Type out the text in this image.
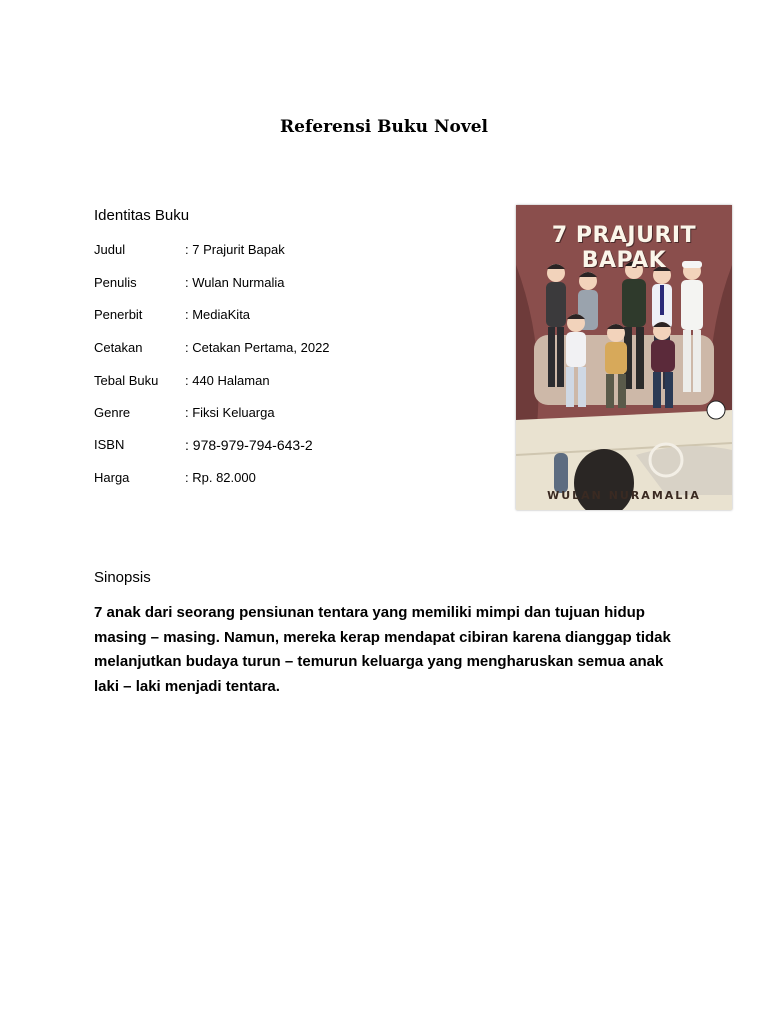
Referensi Buku Novel
Identitas Buku
Judul	: 7 Prajurit Bapak
Penulis	: Wulan Nurmalia
Penerbit	: MediaKita
Cetakan	: Cetakan Pertama, 2022
Tebal Buku : 440 Halaman
Genre	: Fiksi Keluarga
ISBN	: 978-979-794-643-2
Harga	: Rp. 82.000
7 PRAJURIT BAPAK
WULAN NURAMALIA
Sinopsis
7 anak dari seorang pensiunan tentara yang memiliki mimpi dan tujuan hidup masing – masing. Namun, mereka kerap mendapat cibiran karena dianggap tidak melanjutkan budaya turun – temurun keluarga yang mengharuskan semua anak laki – laki menjadi tentara.
